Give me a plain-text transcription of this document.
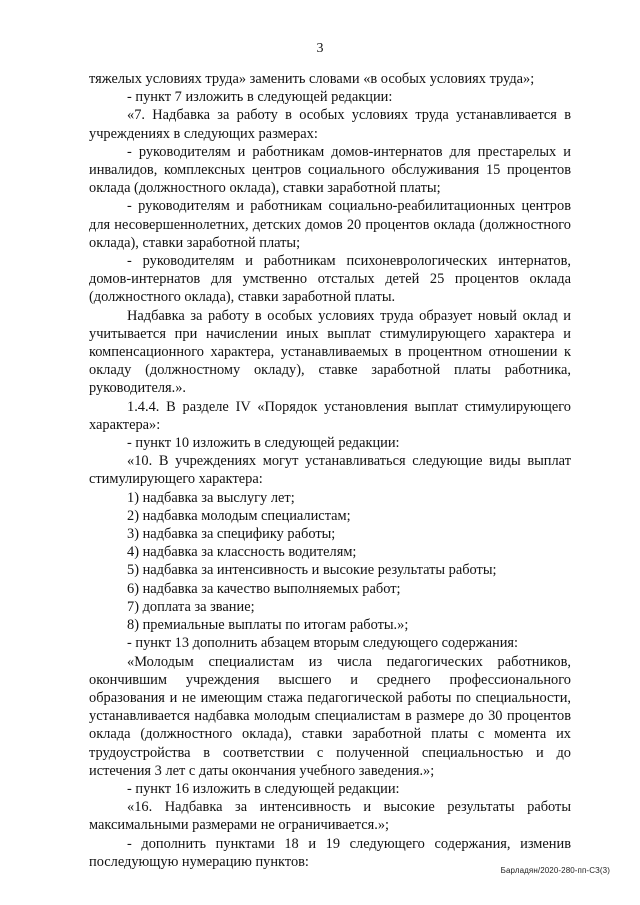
3

тяжелых условиях труда» заменить словами «в особых условиях труда»;

- пункт 7 изложить в следующей редакции:

«7. Надбавка за работу в особых условиях труда устанавливается в учреждениях в следующих размерах:

- руководителям и работникам домов-интернатов для престарелых и инвалидов, комплексных центров социального обслуживания 15 процентов оклада (должностного оклада), ставки заработной платы;

- руководителям и работникам социально-реабилитационных центров для несовершеннолетних, детских домов 20 процентов оклада (должностного оклада), ставки заработной платы;

- руководителям и работникам психоневрологических интернатов, домов-интернатов для умственно отсталых детей 25 процентов оклада (должностного оклада), ставки заработной платы.

Надбавка за работу в особых условиях труда образует новый оклад и учитывается при начислении иных выплат стимулирующего характера и компенсационного характера, устанавливаемых в процентном отношении к окладу (должностному окладу), ставке заработной платы работника, руководителя.».

1.4.4. В разделе IV «Порядок установления выплат стимулирующего характера»:

- пункт 10 изложить в следующей редакции:

«10. В учреждениях могут устанавливаться следующие виды выплат стимулирующего характера:

1) надбавка за выслугу лет;

2) надбавка молодым специалистам;

3) надбавка за специфику работы;

4) надбавка за классность водителям;

5) надбавка за интенсивность и высокие результаты работы;

6) надбавка за качество выполняемых работ;

7) доплата за звание;

8) премиальные выплаты по итогам работы.»;

- пункт 13 дополнить абзацем вторым следующего содержания:

«Молодым специалистам из числа педагогических работников, окончившим учреждения высшего и среднего профессионального образования и не имеющим стажа педагогической работы по специальности, устанавливается надбавка молодым специалистам в размере до 30 процентов оклада (должностного оклада), ставки заработной платы с момента их трудоустройства в соответствии с полученной специальностью и до истечения 3 лет с даты окончания учебного заведения.»;

- пункт 16 изложить в следующей редакции:

«16. Надбавка за интенсивность и высокие результаты работы максимальными размерами не ограничивается.»;

- дополнить пунктами 18 и 19 следующего содержания, изменив последующую нумерацию пунктов:

Барладян/2020-280-пп-СЗ(3)
